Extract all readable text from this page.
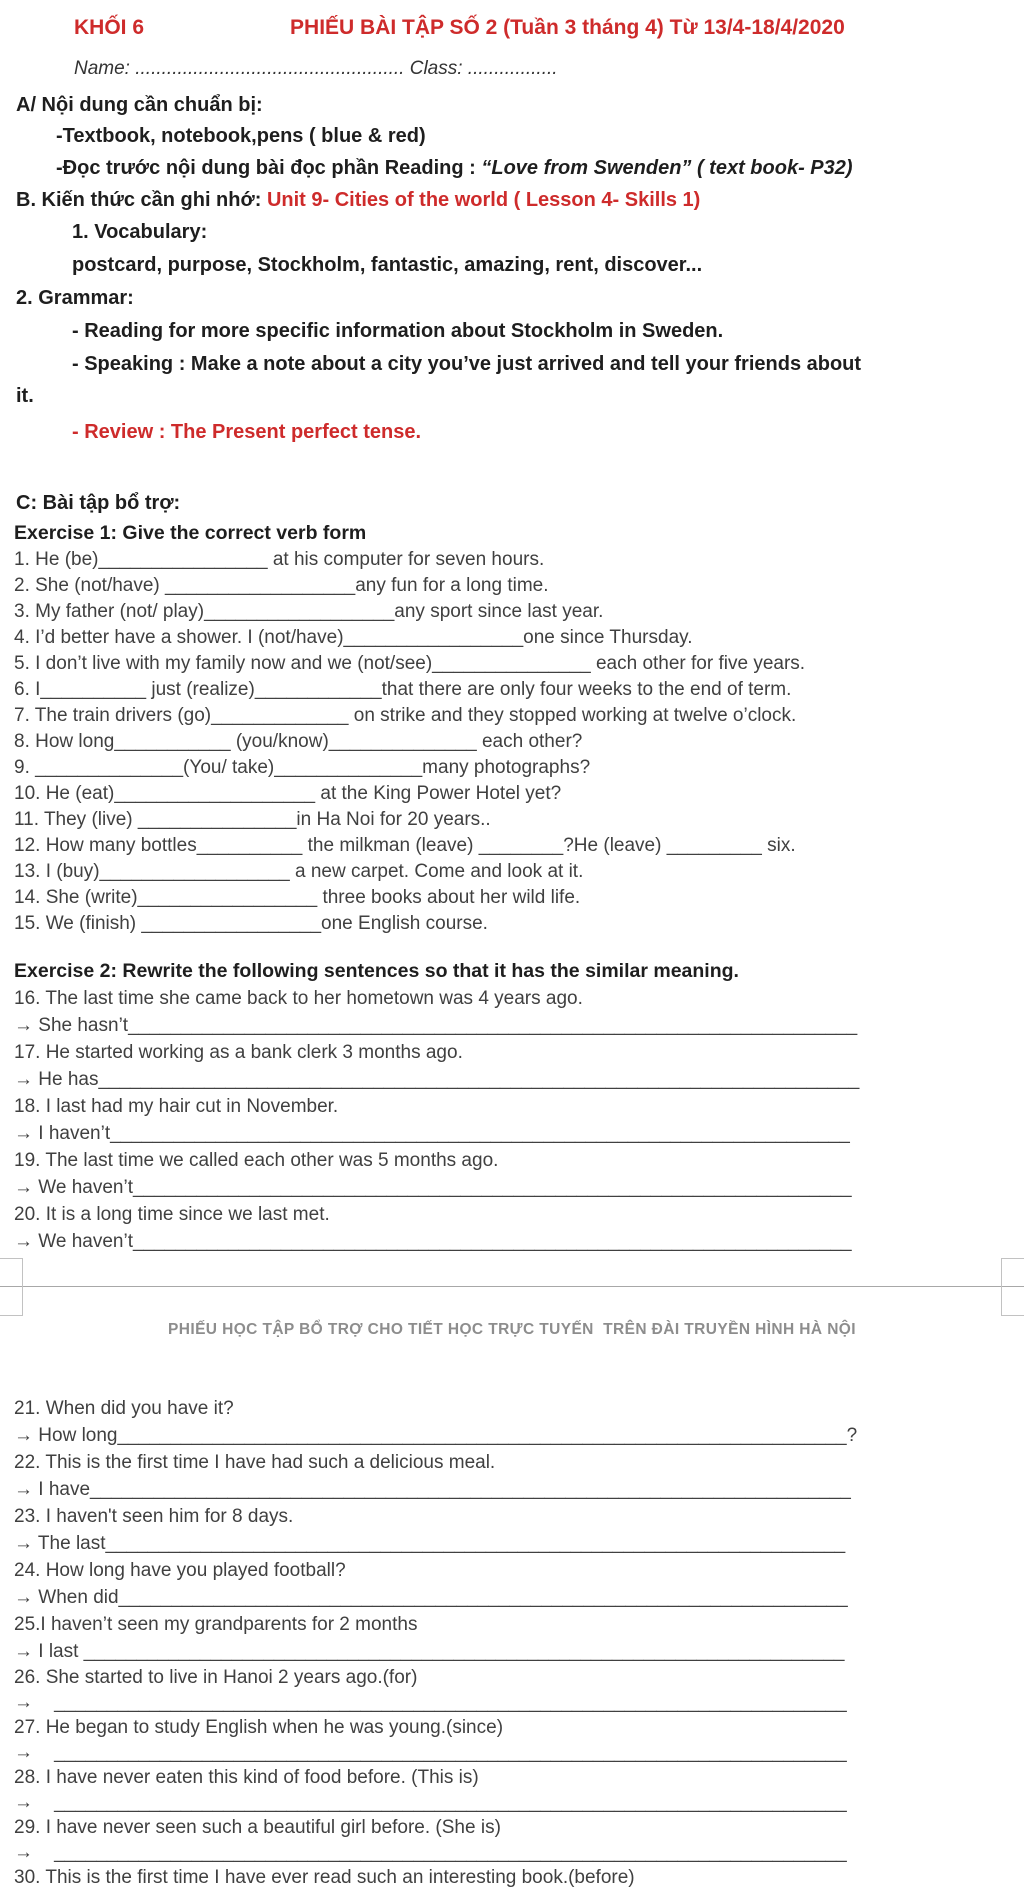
KHỐI 6	PHIẾU BÀI TẬP SỐ 2 (Tuần 3 tháng 4) Từ 13/4-18/4/2020
Name: ................................................... Class: .................
A/ Nội dung cần chuẩn bị:
-Textbook, notebook,pens ( blue & red)
-Đọc trước nội dung bài đọc phần Reading : “Love from Swenden” ( text book- P32)
B. Kiến thức cần ghi nhớ: Unit 9- Cities of the world ( Lesson 4- Skills 1)
1. Vocabulary:
postcard, purpose, Stockholm, fantastic, amazing, rent, discover...
2. Grammar:
- Reading for more specific information about Stockholm in Sweden.
- Speaking : Make a note about a city you’ve just arrived and tell your friends about
it.
- Review : The Present perfect tense.
C: Bài tập bổ trợ:
Exercise 1: Give the correct verb form
1. He (be)________________ at his computer for seven hours.
2. She (not/have) __________________any fun for a long time.
3. My father (not/ play)__________________any sport since last year.
4. I’d better have a shower. I (not/have)_________________one since Thursday.
5. I don’t live with my family now and we (not/see)_______________ each other for five years.
6. I__________ just (realize)____________that there are only four weeks to the end of term.
7. The train drivers (go)_____________ on strike and they stopped working at twelve o’clock.
8. How long___________ (you/know)______________ each other?
9. ______________(You/ take)______________many photographs?
10. He (eat)___________________ at the King Power Hotel yet?
11. They (live) _______________in Ha Noi for 20 years..
12. How many bottles__________ the milkman (leave) ________?He (leave) _________ six.
13. I (buy)__________________ a new carpet. Come and look at it.
14. She (write)_________________ three books about her wild life.
15. We (finish) _________________one English course.
Exercise 2: Rewrite the following sentences so that it has the similar meaning.
16. The last time she came back to her hometown was 4 years ago.
→ She hasn’t_____________________________________________________________________
17. He started working as a bank clerk 3 months ago.
→ He has________________________________________________________________________
18. I last had my hair cut in November.
→ I haven’t______________________________________________________________________
19. The last time we called each other was 5 months ago.
→ We haven’t____________________________________________________________________
20. It is a long time since we last met.
→ We haven’t____________________________________________________________________
PHIẾU HỌC TẬP BỔ TRỢ CHO TIẾT HỌC TRỰC TUYẾN  TRÊN ĐÀI TRUYỀN HÌNH HÀ NỘI
21. When did you have it?
→ How long_____________________________________________________________________?
22. This is the first time I have had such a delicious meal.
→ I have________________________________________________________________________
23. I haven't seen him for 8 days.
→ The last______________________________________________________________________
24. How long have you played football?
→ When did_____________________________________________________________________
25.I haven’t seen my grandparents for 2 months
→ I last ________________________________________________________________________
26. She started to live in Hanoi 2 years ago.(for)
→    ___________________________________________________________________________
27. He began to study English when he was young.(since)
→    ___________________________________________________________________________
28. I have never eaten this kind of food before. (This is)
→    ___________________________________________________________________________
29. I have never seen such a beautiful girl before. (She is)
→    ___________________________________________________________________________
30. This is the first time I have ever read such an interesting book.(before)
